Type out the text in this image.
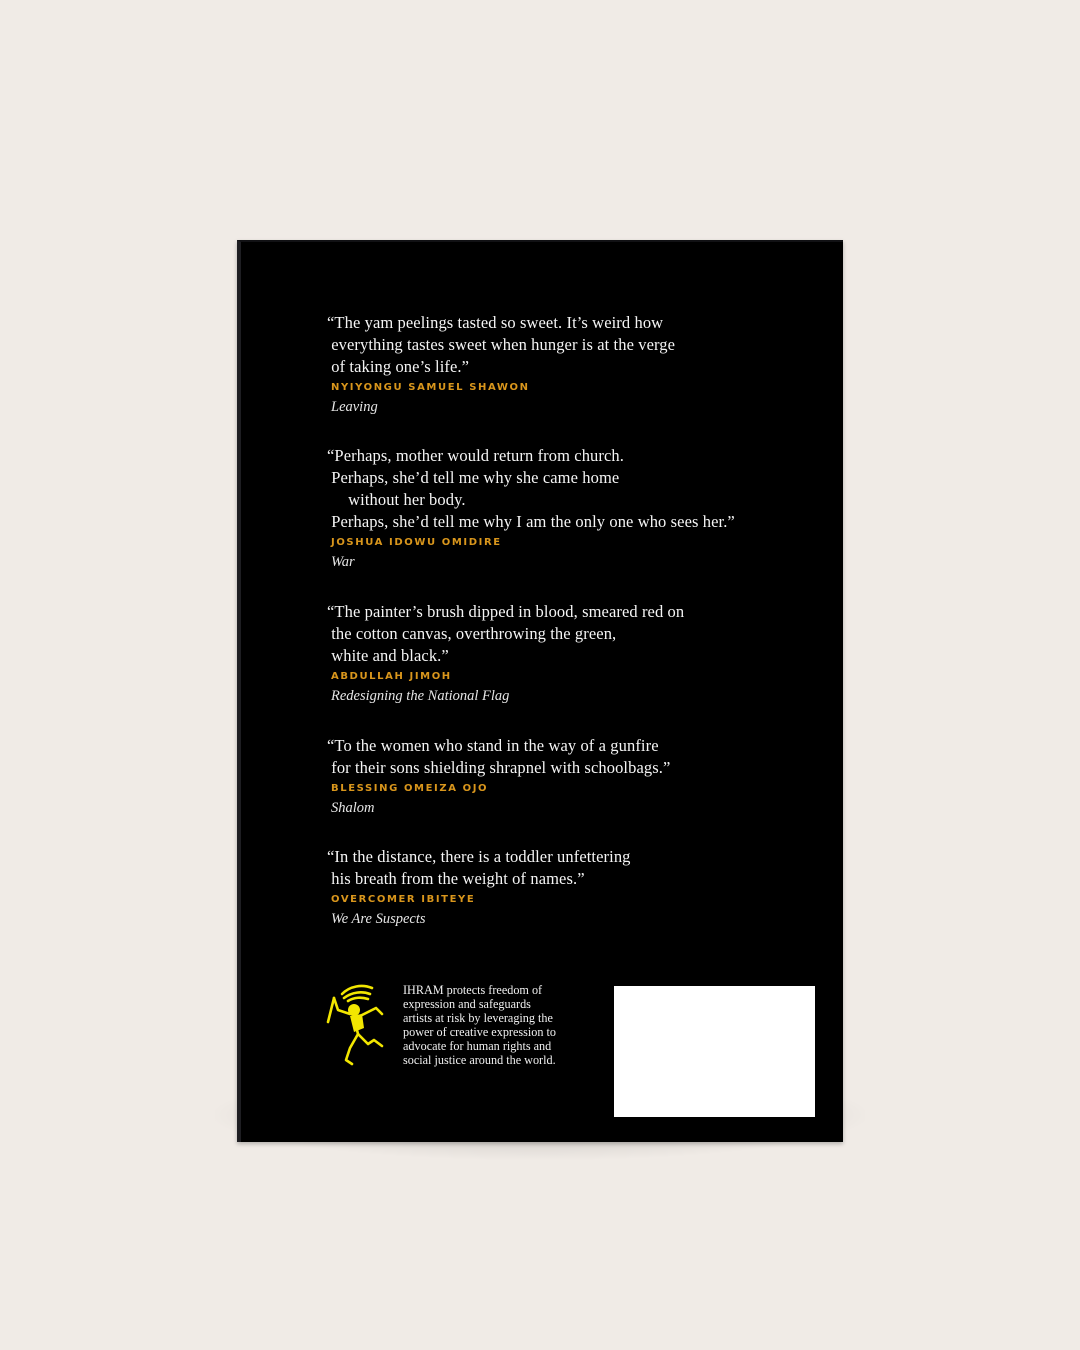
“The yam peelings tasted so sweet. It’s weird how
everything tastes sweet when hunger is at the verge
of taking one’s life.”

NYIYONGU SAMUEL SHAWON
Leaving

“Perhaps, mother would return from church.
Perhaps, she’d tell me why she came home
without her body.
Perhaps, she’d tell me why I am the only one who sees her.”

JOSHUA IDOWU OMIDIRE
War

“The painter’s brush dipped in blood, smeared red on
the cotton canvas, overthrowing the green,
white and black.”

ABDULLAH JIMOH
Redesigning the National Flag

“To the women who stand in the way of a gunfire
for their sons shielding shrapnel with schoolbags.”

BLESSING OMEIZA OJO
Shalom

“In the distance, there is a toddler unfettering
his breath from the weight of names.”

OVERCOMER IBITEYE
We Are Suspects
IHRAM protects freedom of
expression and safeguards
artists at risk by leveraging the
power of creative expression to
advocate for human rights and
social justice around the world.
